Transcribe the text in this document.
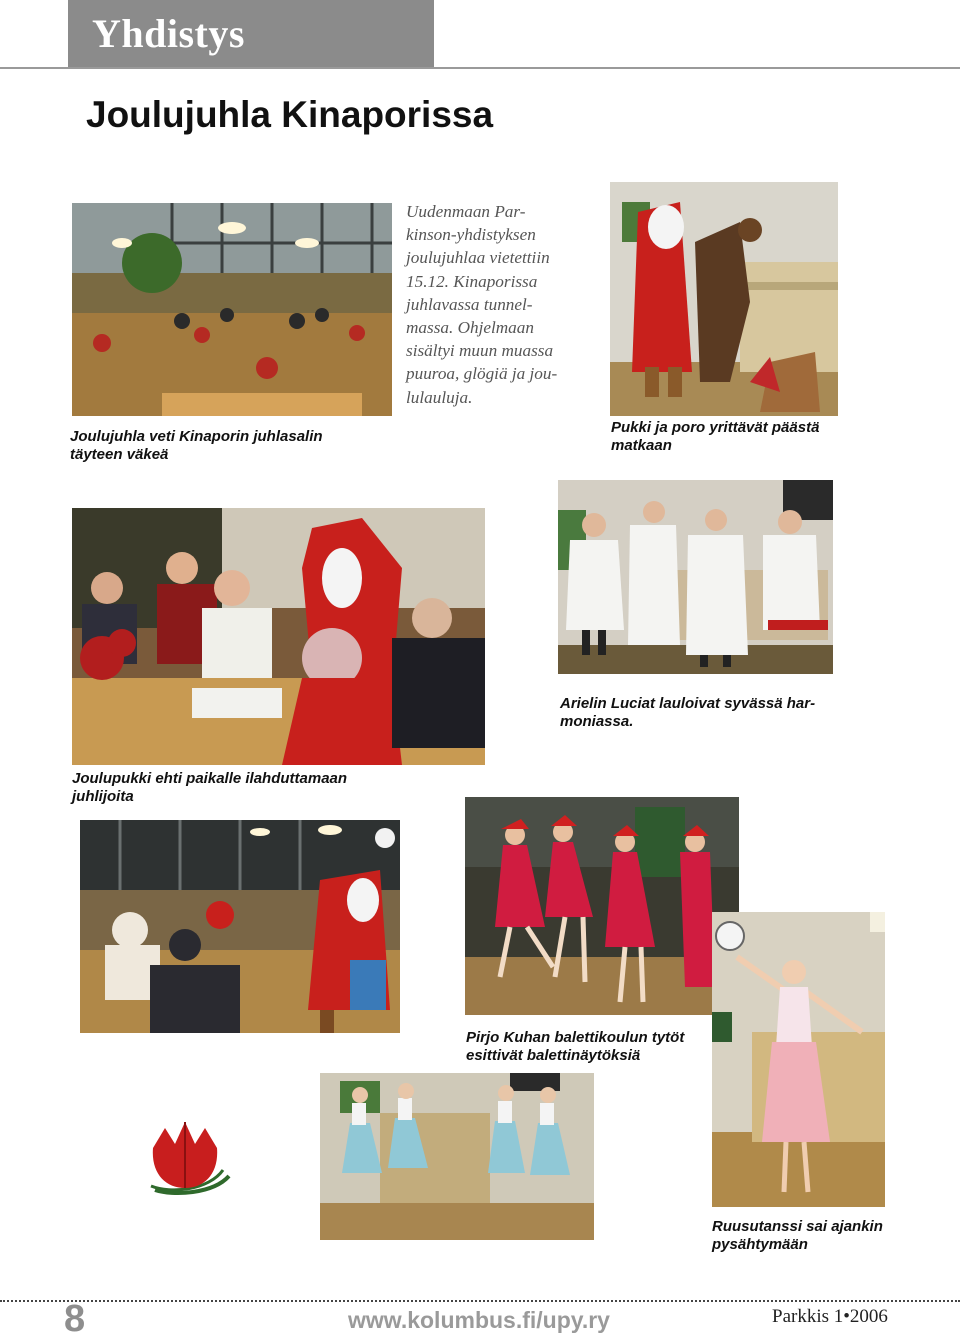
Yhdistys
Joulujuhla Kinaporissa
Joulujuhla veti Kinaporin juhlasalin
täyteen väkeä
Uudenmaan Par-
kinson-yhdistyksen
joulujuhlaa vietettiin
15.12. Kinaporissa
juhlavassa tunnel-
massa. Ohjelmaan
sisältyi muun muassa
puuroa, glögiä ja jou-
lulauluja.
Pukki ja poro yrittävät päästä
matkaan
Joulupukki ehti paikalle ilahduttamaan
juhlijoita
Arielin Luciat lauloivat syvässä har-
moniassa.
Pirjo Kuhan balettikoulun tytöt
esittivät balettinäytöksiä
Ruusutanssi sai ajankin
pysähtymään
8	www.kolumbus.fi/upy.ry	Parkkis 1•2006
